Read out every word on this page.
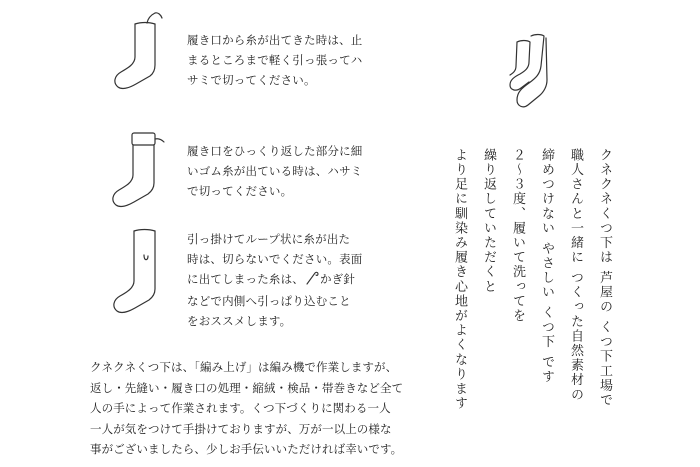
履き口から糸が出てきた時は、止
まるところまで軽く引っ張ってハ
サミで切ってください。

履き口をひっくり返した部分に細
いゴム糸が出ている時は、ハサミ
で切ってください。

引っ掛けてループ状に糸が出た
時は、切らないでください。表面
に出てしまった糸は、 かぎ針
などで内側へ引っぱり込むこと
をおススメします。

クネクネくつ下は、「編み上げ」は編み機で作業しますが、
返し・先縫い・履き口の処理・縮絨・検品・帯巻きなど全て
人の手によって作業されます。くつ下づくりに関わる一人
一人が気をつけて手掛けておりますが、万が一以上の様な
事がございましたら、少しお手伝いいただければ幸いです。

クネクネくつ下は 芦屋の くつ下工場で

職人さんと一緒に つくった自然素材の

締めつけない やさしい くつ下 です

２～３度、履いて洗ってを

繰り返していただくと

より足に馴染み履き心地がよくなります
